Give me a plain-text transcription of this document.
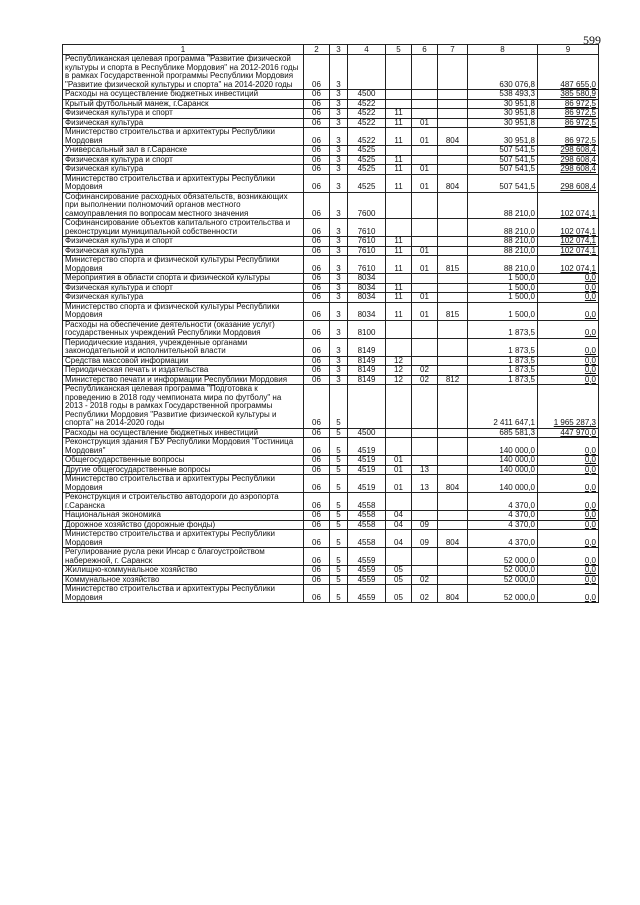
599
1	2	3	4	5	6	7	8	9
Республиканская целевая программа "Развитие физической культуры и спорта в Республике Мордовия" на 2012-2016 годы в рамках Государственной программы Республики Мордовия "Развитие физической культуры и спорта" на 2014-2020 годы	06	3					630 076,8	487 655,0
Расходы на осуществление бюджетных инвестиций	06	3	4500				538 493,3	385 580,9
Крытый футбольный манеж, г.Саранск	06	3	4522				30 951,8	86 972,5
Физическая культура и спорт	06	3	4522	11			30 951,8	86 972,5
Физическая культура	06	3	4522	11	01		30 951,8	86 972,5
Министерство строительства и архитектуры Республики Мордовия	06	3	4522	11	01	804	30 951,8	86 972,5
Универсальный зал в г.Саранске	06	3	4525				507 541,5	298 608,4
Физическая культура и спорт	06	3	4525	11			507 541,5	298 608,4
Физическая культура	06	3	4525	11	01		507 541,5	298 608,4
Министерство строительства и архитектуры Республики Мордовия	06	3	4525	11	01	804	507 541,5	298 608,4
Софинансирование расходных обязательств, возникающих при выполнении полномочий органов местного самоуправления по вопросам местного значения	06	3	7600				88 210,0	102 074,1
Софинансирование объектов капитального строительства и реконструкции муниципальной собственности	06	3	7610				88 210,0	102 074,1
Физическая культура и спорт	06	3	7610	11			88 210,0	102 074,1
Физическая культура	06	3	7610	11	01		88 210,0	102 074,1
Министерство спорта и физической культуры Республики Мордовия	06	3	7610	11	01	815	88 210,0	102 074,1
Мероприятия в области спорта и физической культуры	06	3	8034				1 500,0	0,0
Физическая культура и спорт	06	3	8034	11			1 500,0	0,0
Физическая культура	06	3	8034	11	01		1 500,0	0,0
Министерство спорта и физической культуры Республики Мордовия	06	3	8034	11	01	815	1 500,0	0,0
Расходы на обеспечение деятельности (оказание услуг) государственных учреждений Республики Мордовия	06	3	8100				1 873,5	0,0
Периодические издания, учрежденные органами законодательной и исполнительной власти	06	3	8149				1 873,5	0,0
Средства массовой информации	06	3	8149	12			1 873,5	0,0
Периодическая печать и издательства	06	3	8149	12	02		1 873,5	0,0
Министерство печати и информации Республики Мордовия	06	3	8149	12	02	812	1 873,5	0,0
Республиканская целевая программа "Подготовка к проведению в 2018 году чемпионата мира по футболу" на 2013 - 2018 годы в рамках Государственной программы Республики Мордовия "Развитие физической культуры и спорта" на 2014-2020 годы	06	5					2 411 647,1	1 965 287,3
Расходы на осуществление бюджетных инвестиций	06	5	4500				685 581,3	447 970,0
Реконструкция здания ГБУ Республики Мордовия "Гостиница Мордовия"	06	5	4519				140 000,0	0,0
Общегосударственные вопросы	06	5	4519	01			140 000,0	0,0
Другие общегосударственные вопросы	06	5	4519	01	13		140 000,0	0,0
Министерство строительства и архитектуры Республики Мордовия	06	5	4519	01	13	804	140 000,0	0,0
Реконструкция и строительство автодороги до аэропорта г.Саранска	06	5	4558				4 370,0	0,0
Национальная экономика	06	5	4558	04			4 370,0	0,0
Дорожное хозяйство (дорожные фонды)	06	5	4558	04	09		4 370,0	0,0
Министерство строительства и архитектуры Республики Мордовия	06	5	4558	04	09	804	4 370,0	0,0
Регулирование русла реки Инсар с благоустройством набережной, г. Саранск	06	5	4559				52 000,0	0,0
Жилищно-коммунальное хозяйство	06	5	4559	05			52 000,0	0,0
Коммунальное хозяйство	06	5	4559	05	02		52 000,0	0,0
Министерство строительства и архитектуры Республики Мордовия	06	5	4559	05	02	804	52 000,0	0,0
